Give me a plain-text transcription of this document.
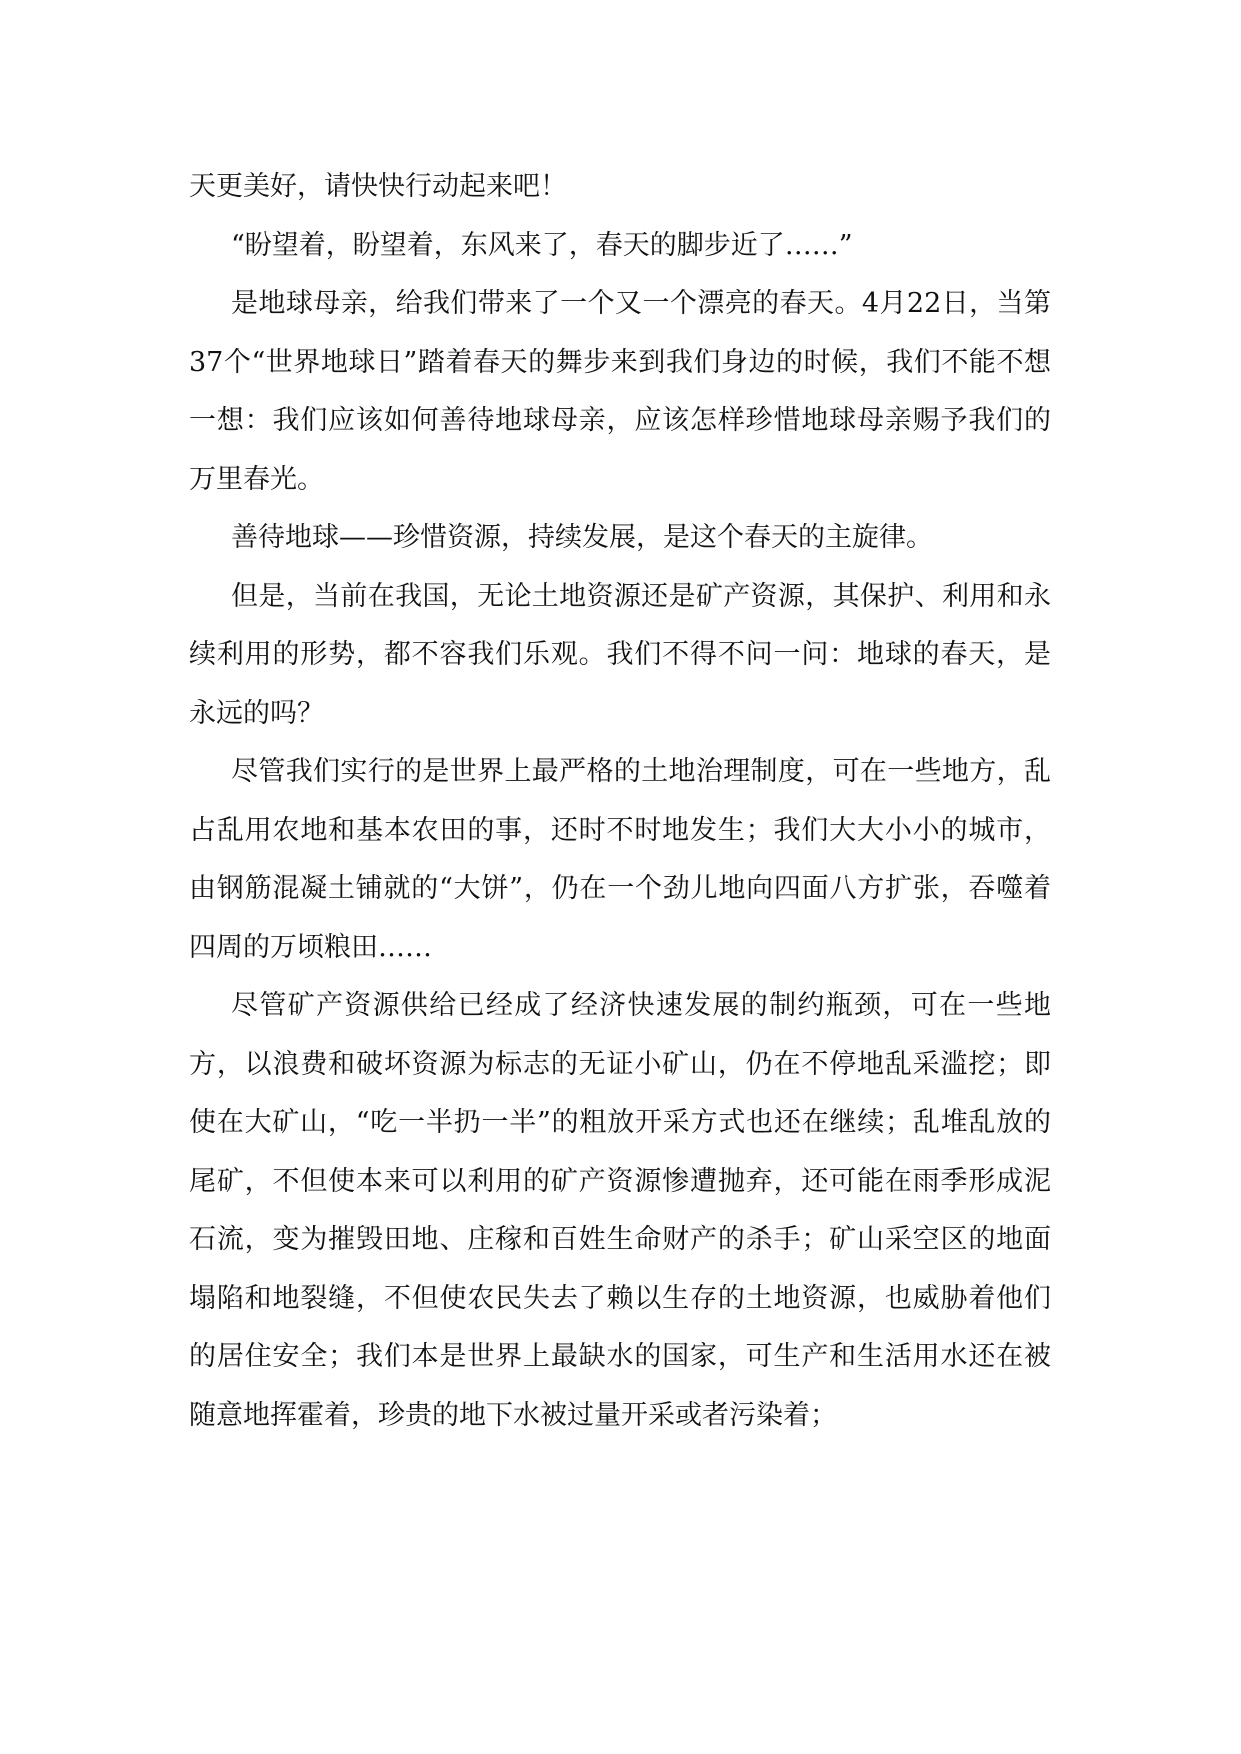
天更美好，请快快行动起来吧！

“盼望着，盼望着，东风来了，春天的脚步近了……”

是地球母亲，给我们带来了一个又一个漂亮的春天。4月22日，当第37个“世界地球日”踏着春天的舞步来到我们身边的时候，我们不能不想一想：我们应该如何善待地球母亲，应该怎样珍惜地球母亲赐予我们的万里春光。

善待地球——珍惜资源，持续发展，是这个春天的主旋律。

但是，当前在我国，无论土地资源还是矿产资源，其保护、利用和永续利用的形势，都不容我们乐观。我们不得不问一问：地球的春天，是永远的吗？

尽管我们实行的是世界上最严格的土地治理制度，可在一些地方，乱占乱用农地和基本农田的事，还时不时地发生；我们大大小小的城市，由钢筋混凝土铺就的“大饼”，仍在一个劲儿地向四面八方扩张，吞噬着四周的万顷粮田……

尽管矿产资源供给已经成了经济快速发展的制约瓶颈，可在一些地方，以浪费和破坏资源为标志的无证小矿山，仍在不停地乱采滥挖；即使在大矿山，“吃一半扔一半”的粗放开采方式也还在继续；乱堆乱放的尾矿，不但使本来可以利用的矿产资源惨遭抛弃，还可能在雨季形成泥石流，变为摧毁田地、庄稼和百姓生命财产的杀手；矿山采空区的地面塌陷和地裂缝，不但使农民失去了赖以生存的土地资源，也威胁着他们的居住安全；我们本是世界上最缺水的国家，可生产和生活用水还在被随意地挥霍着，珍贵的地下水被过量开采或者污染着；
